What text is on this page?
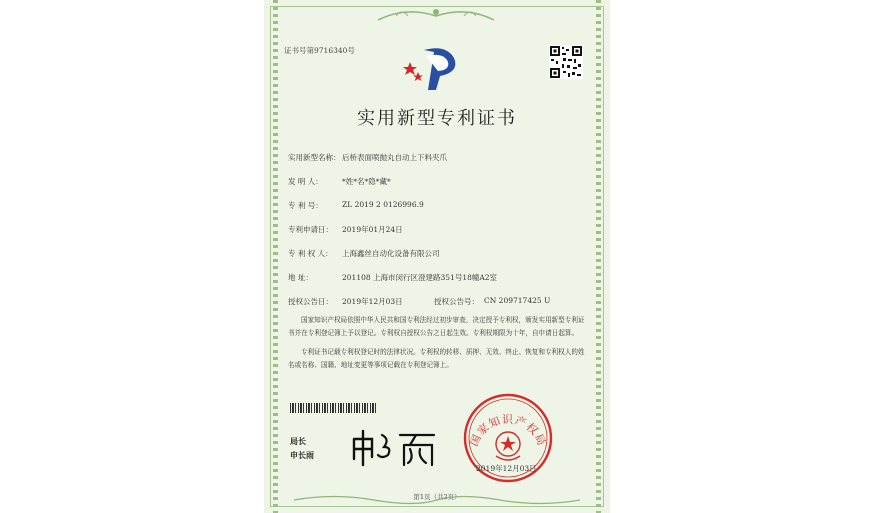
证书号第9716340号
实用新型专利证书
实用新型名称： 后桥表面喷抛丸自动上下料夹爪
发 明 人：	*姓*名*隐*藏*
专 利 号：	ZL 2019 2 0126996.9
专利申请日： 2019年01月24日
专 利 权 人： 上海鑫丝自动化设备有限公司
地 址：	201108 上海市闵行区澄建路351号18幢A2室
授权公告日： 2019年12月03日	授权公告号： CN 209717425 U
国家知识产权局依照中华人民共和国专利法经过初步审查，决定授予专利权，颁发实用新型专利证书并在专利登记簿上予以登记。专利权自授权公告之日起生效。专利权期限为十年，自申请日起算。
专利证书记载专利权登记时的法律状况。专利权的转移、质押、无效、终止、恢复和专利权人的姓名或名称、国籍、地址变更等事项记载在专利登记簿上。
局长
申长雨
国家知识产权局
2019年12月03日
第1页（共2页）
